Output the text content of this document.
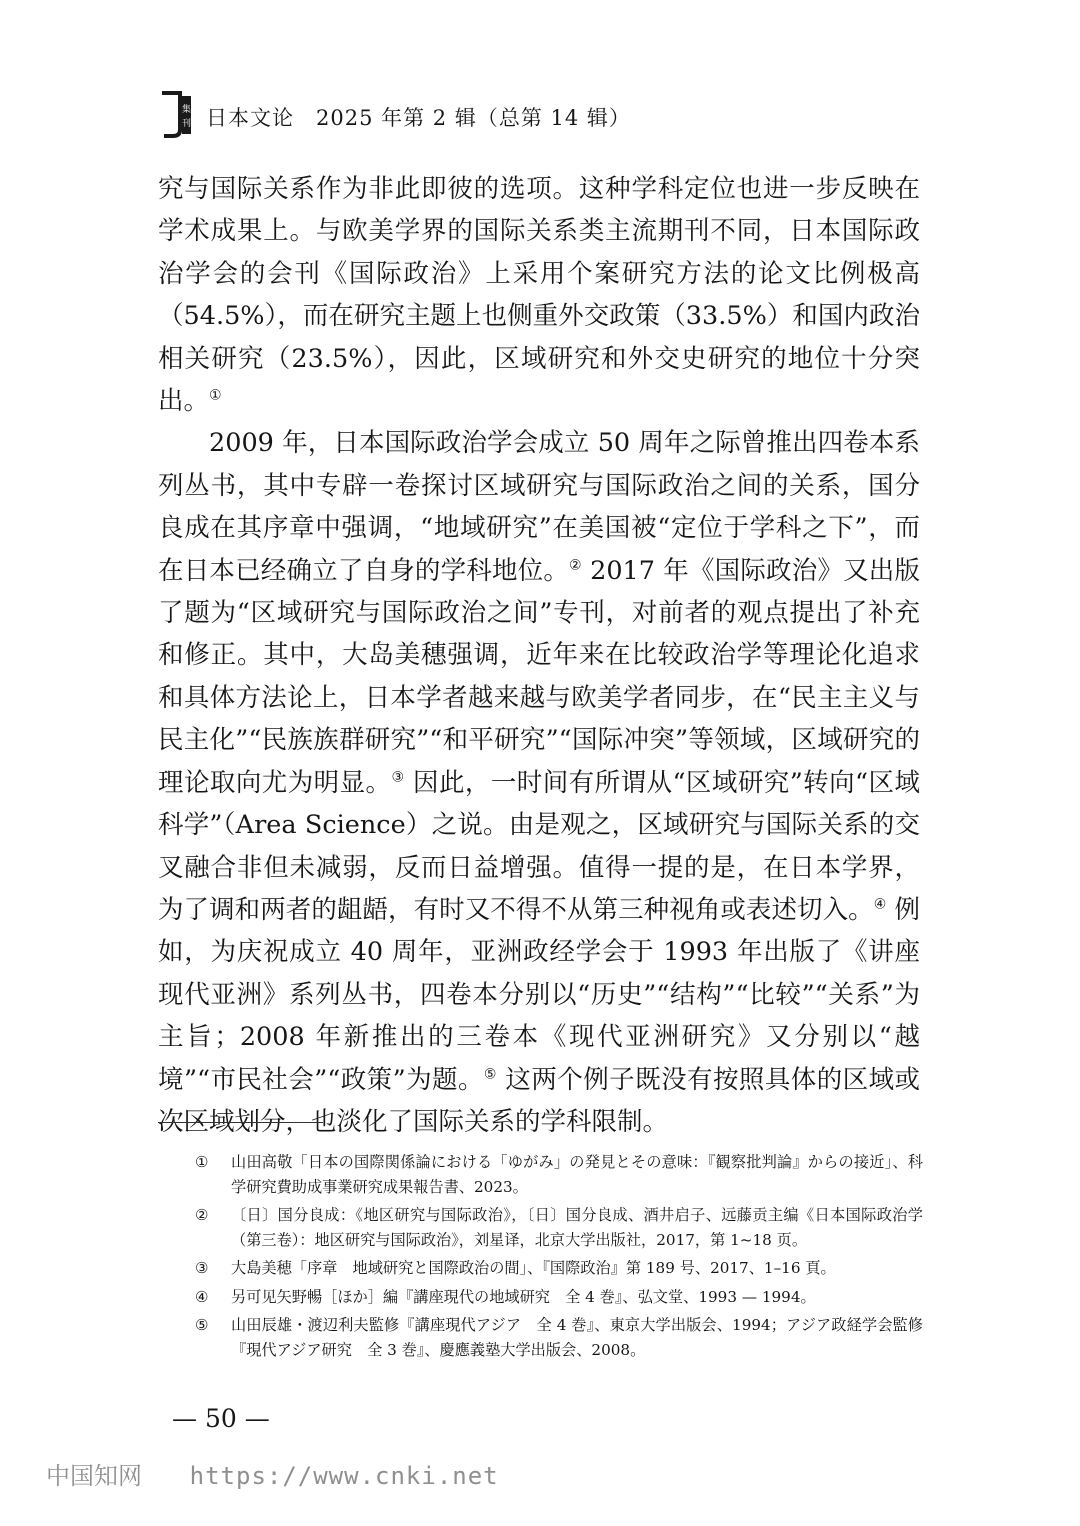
集
刊 日本文论　2025 年第 2 辑（总第 14 辑）

究与国际关系作为非此即彼的选项。这种学科定位也进一步反映在学术成果上。与欧美学界的国际关系类主流期刊不同，日本国际政治学会的会刊《国际政治》上采用个案研究方法的论文比例极高（54.5%），而在研究主题上也侧重外交政策（33.5%）和国内政治相关研究（23.5%），因此，区域研究和外交史研究的地位十分突出。①

2009 年，日本国际政治学会成立 50 周年之际曾推出四卷本系列丛书，其中专辟一卷探讨区域研究与国际政治之间的关系，国分良成在其序章中强调，“地域研究”在美国被“定位于学科之下”，而在日本已经确立了自身的学科地位。② 2017 年《国际政治》又出版了题为“区域研究与国际政治之间”专刊，对前者的观点提出了补充和修正。其中，大岛美穗强调，近年来在比较政治学等理论化追求和具体方法论上，日本学者越来越与欧美学者同步，在“民主主义与民主化”“民族族群研究”“和平研究”“国际冲突”等领域，区域研究的理论取向尤为明显。③ 因此，一时间有所谓从“区域研究”转向“区域科学”（Area Science）之说。由是观之，区域研究与国际关系的交叉融合非但未减弱，反而日益增强。值得一提的是，在日本学界，为了调和两者的龃龉，有时又不得不从第三种视角或表述切入。④ 例如，为庆祝成立 40 周年，亚洲政经学会于 1993 年出版了《讲座现代亚洲》系列丛书，四卷本分别以“历史”“结构”“比较”“关系”为主旨；2008 年新推出的三卷本《现代亚洲研究》又分别以“越境”“市民社会”“政策”为题。⑤ 这两个例子既没有按照具体的区域或次区域划分，也淡化了国际关系的学科限制。

① 山田高敬「日本の国際関係論における「ゆがみ」の発見とその意味：『観察批判論』からの接近」、科学研究費助成事業研究成果報告書、2023。
② 〔日〕国分良成：《地区研究与国际政治》，〔日〕国分良成、酒井启子、远藤贡主编《日本国际政治学（第三卷）：地区研究与国际政治》，刘星译，北京大学出版社，2017，第 1~18 页。
③ 大島美穂「序章　地域研究と国際政治の間」、『国際政治』第 189 号、2017、1–16 頁。
④ 另可见矢野暢［ほか］編『講座現代の地域研究　全 4 巻』、弘文堂、1993 — 1994。
⑤ 山田辰雄・渡辺利夫監修『講座現代アジア　全 4 巻』、東京大学出版会、1994；アジア政経学会監修『現代アジア研究　全 3 巻』、慶應義塾大学出版会、2008。
— 50 —
中国知网 https://www.cnki.net
